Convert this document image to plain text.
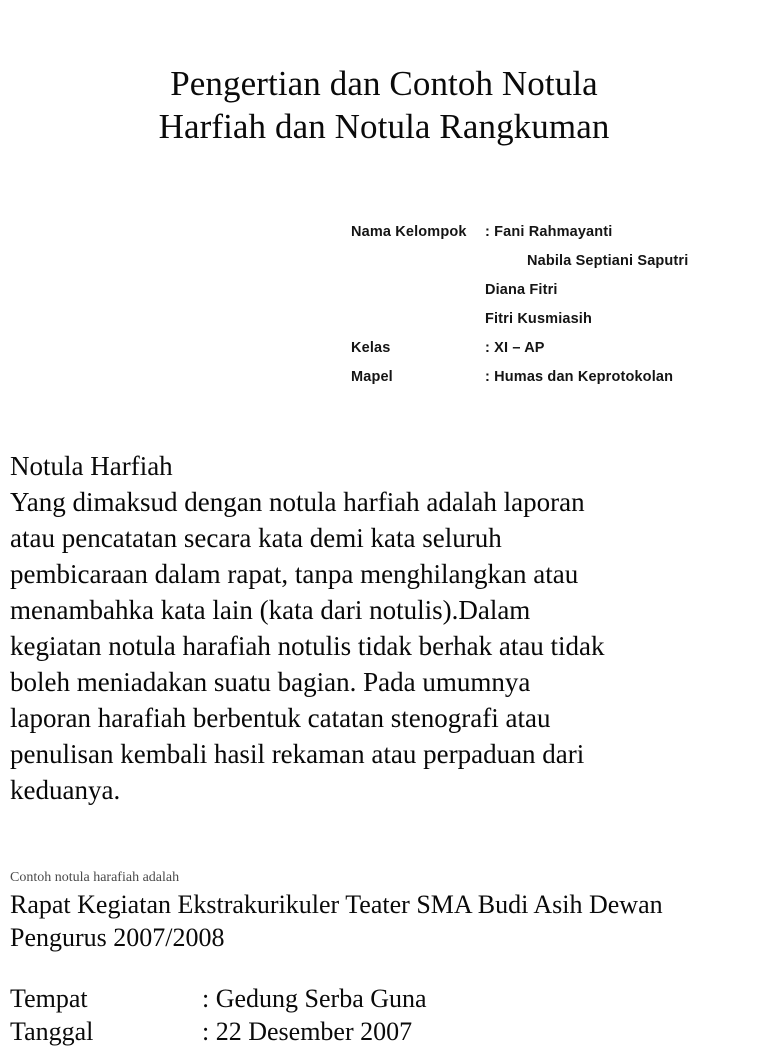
Pengertian dan Contoh Notula
Harfiah dan Notula Rangkuman
Nama Kelompok : Fani Rahmayanti
Nabila Septiani Saputri
Diana Fitri
Fitri Kusmiasih
Kelas	: XI – AP
Mapel	: Humas dan Keprotokolan
Notula Harfiah
Yang dimaksud dengan notula harfiah adalah laporan
atau pencatatan secara kata demi kata seluruh
pembicaraan dalam rapat, tanpa menghilangkan atau
menambahka kata lain (kata dari notulis).Dalam
kegiatan notula harafiah notulis tidak berhak atau tidak
boleh meniadakan suatu bagian. Pada umumnya
laporan harafiah berbentuk catatan stenografi atau
penulisan kembali hasil rekaman atau perpaduan dari
keduanya.
Contoh notula harafiah adalah
Rapat Kegiatan Ekstrakurikuler Teater SMA Budi Asih Dewan
Pengurus 2007/2008
Tempat	: Gedung Serba Guna
Tanggal	: 22 Desember 2007
